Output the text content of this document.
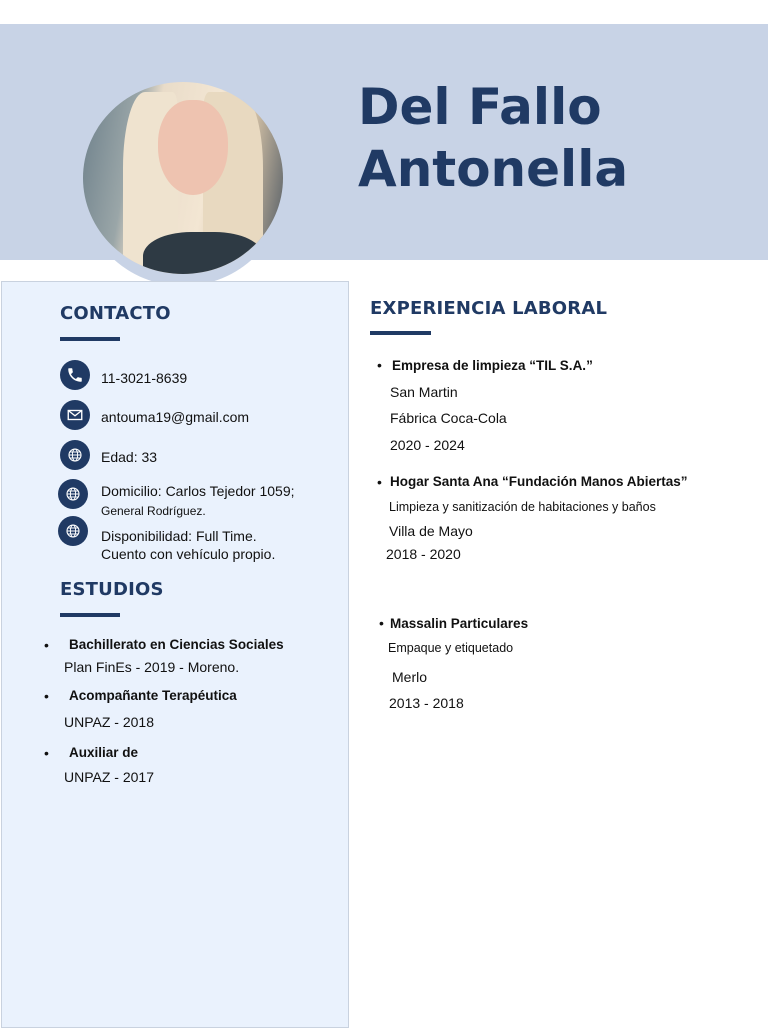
Del Fallo
Antonella
CONTACTO
11-3021-8639
antouma19@gmail.com
Edad: 33
Domicilio: Carlos Tejedor 1059;
General Rodríguez.
Disponibilidad: Full Time.
Cuento con vehículo propio.
ESTUDIOS
• Bachillerato en Ciencias Sociales
Plan FinEs - 2019 - Moreno.
• Acompañante Terapéutica
UNPAZ - 2018
• Auxiliar de
UNPAZ - 2017
EXPERIENCIA LABORAL
• Empresa de limpieza “TIL S.A.”
San Martin
Fábrica Coca-Cola
2020 - 2024
• Hogar Santa Ana “Fundación Manos Abiertas”
Limpieza y sanitización de habitaciones y baños
Villa de Mayo
2018 - 2020
• Massalin Particulares
Empaque y etiquetado
Merlo
2013 - 2018
